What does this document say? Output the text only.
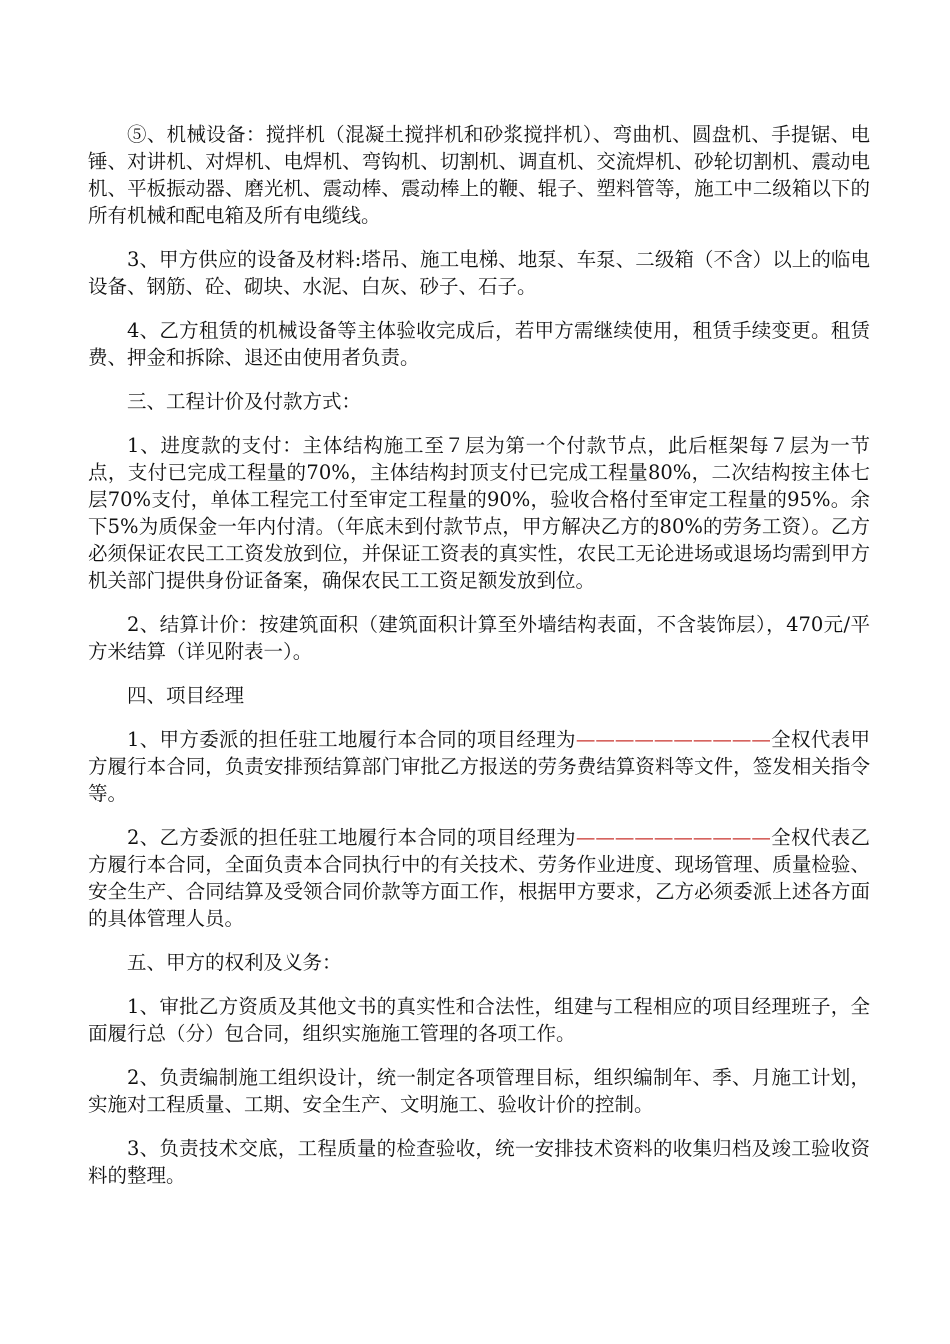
⑤、机械设备：搅拌机（混凝土搅拌机和砂浆搅拌机）、弯曲机、圆盘机、手提锯、电锤、对讲机、对焊机、电焊机、弯钩机、切割机、调直机、交流焊机、砂轮切割机、震动电机、平板振动器、磨光机、震动棒、震动棒上的鞭、辊子、塑料管等，施工中二级箱以下的所有机械和配电箱及所有电缆线。

3、甲方供应的设备及材料:塔吊、施工电梯、地泵、车泵、二级箱（不含）以上的临电设备、钢筋、砼、砌块、水泥、白灰、砂子、石子。

4、乙方租赁的机械设备等主体验收完成后，若甲方需继续使用，租赁手续变更。租赁费、押金和拆除、退还由使用者负责。

三、工程计价及付款方式：

1、进度款的支付：主体结构施工至７层为第一个付款节点，此后框架每７层为一节点，支付已完成工程量的70%，主体结构封顶支付已完成工程量80%，二次结构按主体七层70%支付，单体工程完工付至审定工程量的90%，验收合格付至审定工程量的95%。余下5%为质保金一年内付清。（年底未到付款节点，甲方解决乙方的80%的劳务工资）。乙方必须保证农民工工资发放到位，并保证工资表的真实性，农民工无论进场或退场均需到甲方机关部门提供身份证备案，确保农民工工资足额发放到位。

2、结算计价：按建筑面积（建筑面积计算至外墙结构表面，不含装饰层），470元/平方米结算（详见附表一）。

四、项目经理

1、甲方委派的担任驻工地履行本合同的项目经理为——————————全权代表甲方履行本合同，负责安排预结算部门审批乙方报送的劳务费结算资料等文件，签发相关指令等。

2、乙方委派的担任驻工地履行本合同的项目经理为——————————全权代表乙方履行本合同，全面负责本合同执行中的有关技术、劳务作业进度、现场管理、质量检验、安全生产、合同结算及受领合同价款等方面工作，根据甲方要求，乙方必须委派上述各方面的具体管理人员。

五、甲方的权利及义务：

1、审批乙方资质及其他文书的真实性和合法性，组建与工程相应的项目经理班子，全面履行总（分）包合同，组织实施施工管理的各项工作。

2、负责编制施工组织设计，统一制定各项管理目标，组织编制年、季、月施工计划，实施对工程质量、工期、安全生产、文明施工、验收计价的控制。

3、负责技术交底，工程质量的检查验收，统一安排技术资料的收集归档及竣工验收资料的整理。
